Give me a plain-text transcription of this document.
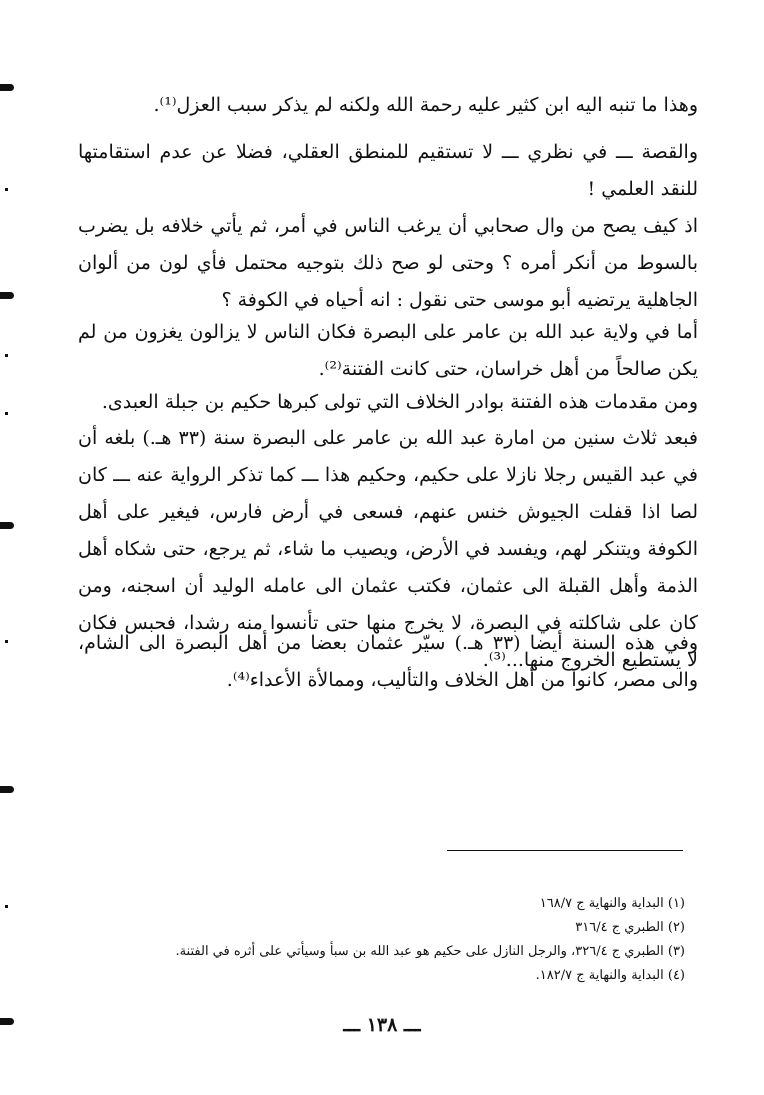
وهذا ما تنبه اليه ابن كثير عليه رحمة الله ولكنه لم يذكر سبب العزل⁽¹⁾.

والقصة ـــ في نظري ـــ لا تستقيم للمنطق العقلي، فضلا عن عدم استقامتها للنقد العلمي !

اذ كيف يصح من وال صحابي أن يرغب الناس في أمر، ثم يأتي خلافه بل يضرب بالسوط من أنكر أمره ؟ وحتى لو صح ذلك بتوجيه محتمل فأي لون من ألوان الجاهلية يرتضيه أبو موسى حتى نقول : انه أحياه في الكوفة ؟

أما في ولاية عبد الله بن عامر على البصرة فكان الناس لا يزالون يغزون من لم يكن صالحاً من أهل خراسان، حتى كانت الفتنة⁽²⁾.

ومن مقدمات هذه الفتنة بوادر الخلاف التي تولى كبرها حكيم بن جبلة العبدى.

فبعد ثلاث سنين من امارة عبد الله بن عامر على البصرة سنة (٣٣ هـ.) بلغه أن في عبد القيس رجلا نازلا على حكيم، وحكيم هذا ـــ كما تذكر الرواية عنه ـــ كان لصا اذا قفلت الجيوش خنس عنهم، فسعى في أرض فارس، فيغير على أهل الكوفة ويتنكر لهم، ويفسد في الأرض، ويصيب ما شاء، ثم يرجع، حتى شكاه أهل الذمة وأهل القبلة الى عثمان، فكتب عثمان الى عامله الوليد أن اسجنه، ومن كان على شاكلته في البصرة، لا يخرج منها حتى تأنسوا منه رشدا، فحبس فكان لا يستطيع الخروج منها...⁽³⁾.

وفي هذه السنة أيضا (٣٣ هـ.) سيّر عثمان بعضا من أهل البصرة الى الشام، والى مصر، كانوا من أهل الخلاف والتأليب، وممالأة الأعداء⁽⁴⁾.

(١) البداية والنهاية ج ١٦٨/٧
(٢) الطبري ج ٣١٦/٤
(٣) الطبري ج ٣٢٦/٤، والرجل النازل على حكيم هو عبد الله بن سبأ وسيأتي على أثره في الفتنة.
(٤) البداية والنهاية ج ١٨٢/٧.
ـــ ١٣٨ ـــ
